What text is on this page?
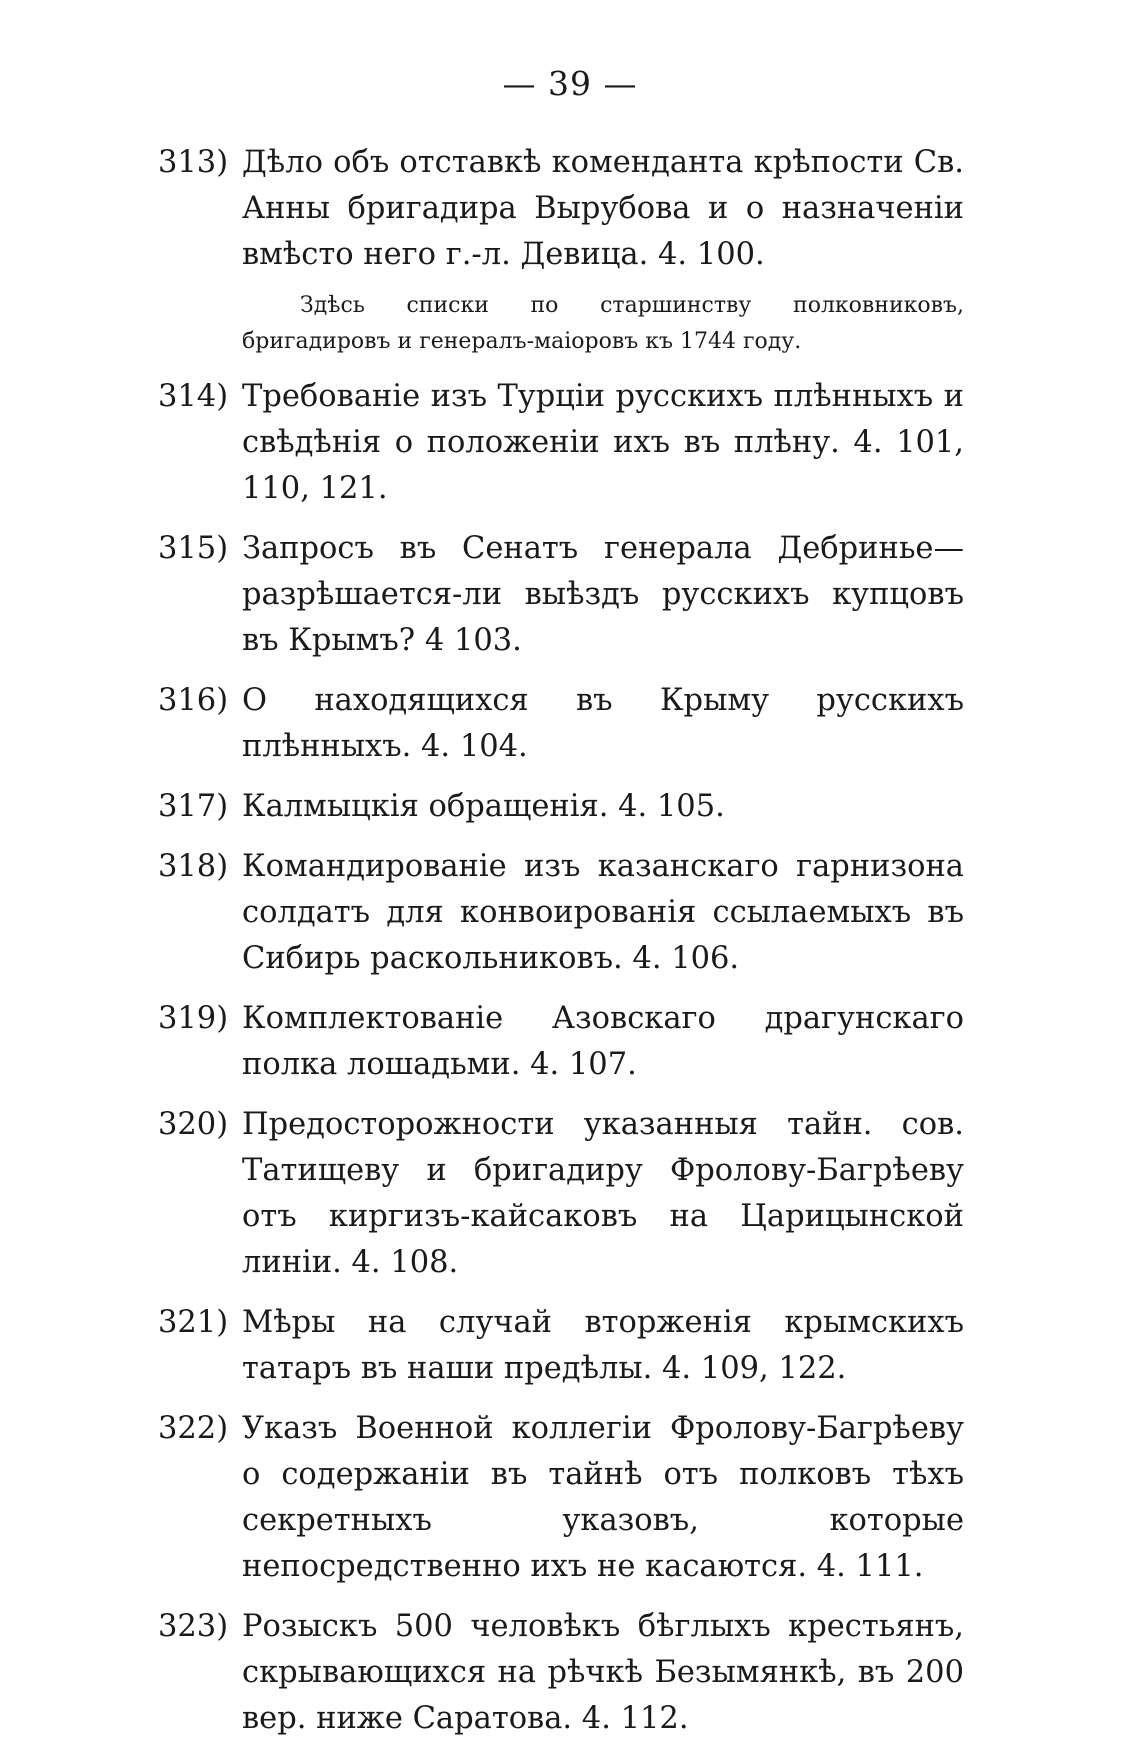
— 39 —
313) Дѣло объ отставкѣ коменданта крѣпости Св. Анны бригадира Вырубова и о назначеніи вмѣсто него г.-л. Девица. 4. 100.
Здѣсь списки по старшинству полковниковъ, бригадировъ и генералъ-маіоровъ къ 1744 году.
314) Требованіе изъ Турціи русскихъ плѣнныхъ и свѣдѣнія о положеніи ихъ въ плѣну. 4. 101, 110, 121.
315) Запросъ въ Сенатъ генерала Дебринье—разрѣшается-ли выѣздъ русскихъ купцовъ въ Крымъ? 4 103.
316) О находящихся въ Крыму русскихъ плѣнныхъ. 4. 104.
317) Калмыцкія обращенія. 4. 105.
318) Командированіе изъ казанскаго гарнизона солдатъ для конвоированія ссылаемыхъ въ Сибирь раскольниковъ. 4. 106.
319) Комплектованіе Азовскаго драгунскаго полка лошадьми. 4. 107.
320) Предосторожности указанныя тайн. сов. Татищеву и бригадиру Фролову-Багрѣеву отъ киргизъ-кайсаковъ на Царицынской линіи. 4. 108.
321) Мѣры на случай вторженія крымскихъ татаръ въ наши предѣлы. 4. 109, 122.
322) Указъ Военной коллегіи Фролову-Багрѣеву о содержаніи въ тайнѣ отъ полковъ тѣхъ секретныхъ указовъ, которые непосредственно ихъ не касаются. 4. 111.
323) Розыскъ 500 человѣкъ бѣглыхъ крестьянъ, скрывающихся на рѣчкѣ Безымянкѣ, въ 200 вер. ниже Саратова. 4. 112.
